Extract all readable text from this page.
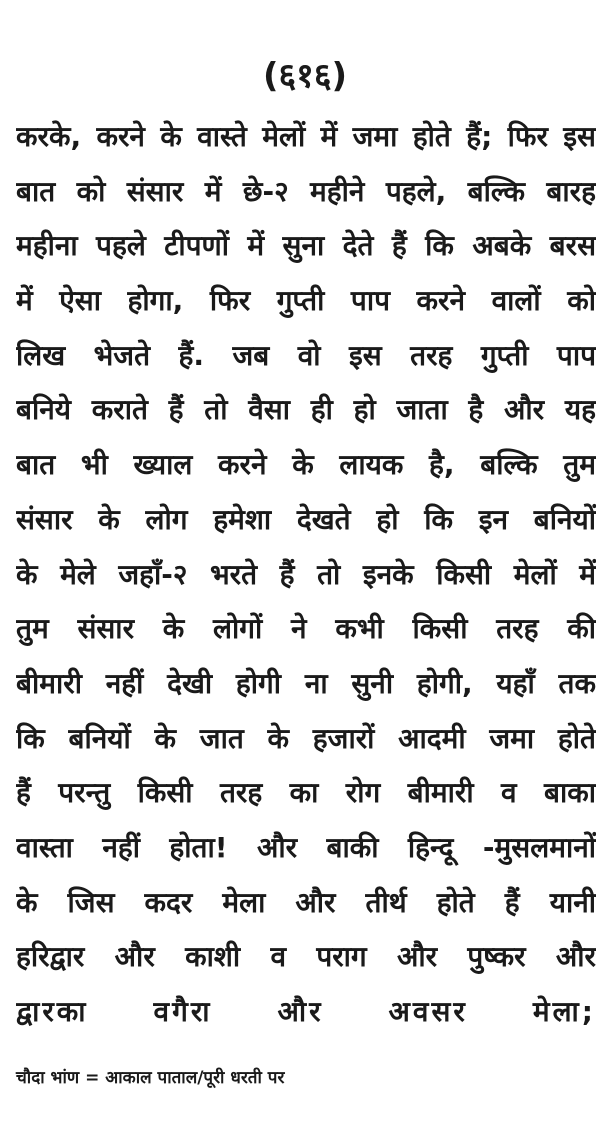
(६१६)
करके, करने के वास्ते मेलों में जमा होते हैं; फिर इस
बात को संसार में छे-२ महीने पहले, बल्कि बारह
महीना पहले टीपणों में सुना देते हैं कि अबके बरस
में ऐसा होगा, फिर गुप्ती पाप करने वालों को
लिख भेजते हैं. जब वो इस तरह गुप्ती पाप
बनिये कराते हैं तो वैसा ही हो जाता है और यह
बात भी ख्याल करने के लायक है, बल्कि तुम
संसार के लोग हमेशा देखते हो कि इन बनियों
के मेले जहाँ-२ भरते हैं तो इनके किसी मेलों में
तुम संसार के लोगों ने कभी किसी तरह की
बीमारी नहीं देखी होगी ना सुनी होगी, यहाँ तक
कि बनियों के जात के हजारों आदमी जमा होते
हैं परन्तु किसी तरह का रोग बीमारी व बाका
वास्ता नहीं होता! और बाकी हिन्दू -मुसलमानों
के जिस कदर मेला और तीर्थ होते हैं यानी
हरिद्वार और काशी व पराग और पुष्कर और
द्वारका वगैरा और अवसर मेला;
चौदा भांण = आकाल पाताल/पूरी धरती पर
